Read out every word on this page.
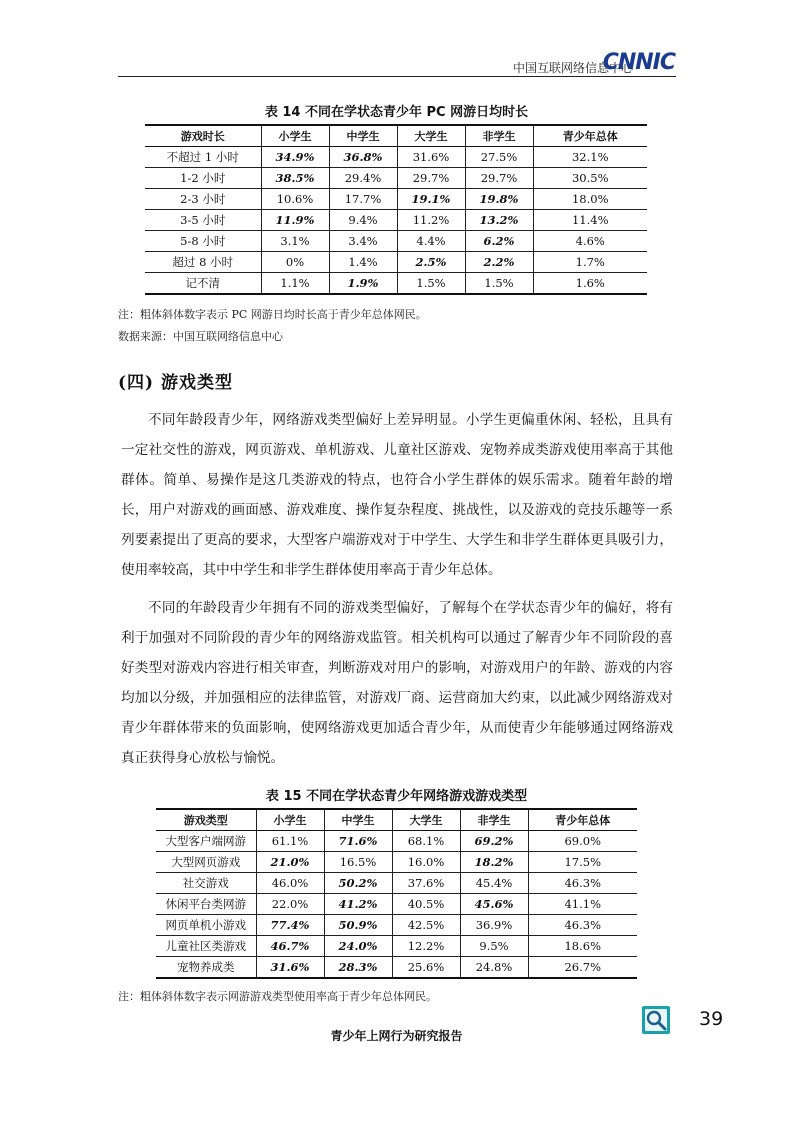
中国互联网络信息中心
CNNIC
表 14 不同在学状态青少年 PC 网游日均时长
游戏时长	小学生	中学生	大学生	非学生	青少年总体
不超过 1 小时	34.9%	36.8%	31.6%	27.5%	32.1%
1-2 小时	38.5%	29.4%	29.7%	29.7%	30.5%
2-3 小时	10.6%	17.7%	19.1%	19.8%	18.0%
3-5 小时	11.9%	9.4%	11.2%	13.2%	11.4%
5-8 小时	3.1%	3.4%	4.4%	6.2%	4.6%
超过 8 小时	0%	1.4%	2.5%	2.2%	1.7%
记不清	1.1%	1.9%	1.5%	1.5%	1.6%
注：粗体斜体数字表示 PC 网游日均时长高于青少年总体网民。
数据来源：中国互联网络信息中心
(四) 游戏类型

不同年龄段青少年，网络游戏类型偏好上差异明显。小学生更偏重休闲、轻松，且具有一定社交性的游戏，网页游戏、单机游戏、儿童社区游戏、宠物养成类游戏使用率高于其他群体。简单、易操作是这几类游戏的特点，也符合小学生群体的娱乐需求。随着年龄的增长，用户对游戏的画面感、游戏难度、操作复杂程度、挑战性，以及游戏的竞技乐趣等一系列要素提出了更高的要求，大型客户端游戏对于中学生、大学生和非学生群体更具吸引力，使用率较高，其中中学生和非学生群体使用率高于青少年总体。

不同的年龄段青少年拥有不同的游戏类型偏好，了解每个在学状态青少年的偏好，将有利于加强对不同阶段的青少年的网络游戏监管。相关机构可以通过了解青少年不同阶段的喜好类型对游戏内容进行相关审查，判断游戏对用户的影响，对游戏用户的年龄、游戏的内容均加以分级，并加强相应的法律监管，对游戏厂商、运营商加大约束，以此减少网络游戏对青少年群体带来的负面影响，使网络游戏更加适合青少年，从而使青少年能够通过网络游戏真正获得身心放松与愉悦。

表 15 不同在学状态青少年网络游戏游戏类型
游戏类型	小学生	中学生	大学生	非学生	青少年总体
大型客户端网游	61.1%	71.6%	68.1%	69.2%	69.0%
大型网页游戏	21.0%	16.5%	16.0%	18.2%	17.5%
社交游戏	46.0%	50.2%	37.6%	45.4%	46.3%
休闲平台类网游	22.0%	41.2%	40.5%	45.6%	41.1%
网页单机小游戏	77.4%	50.9%	42.5%	36.9%	46.3%
儿童社区类游戏	46.7%	24.0%	12.2%	9.5%	18.6%
宠物养成类	31.6%	28.3%	25.6%	24.8%	26.7%
注：粗体斜体数字表示网游游戏类型使用率高于青少年总体网民。
39
青少年上网行为研究报告
